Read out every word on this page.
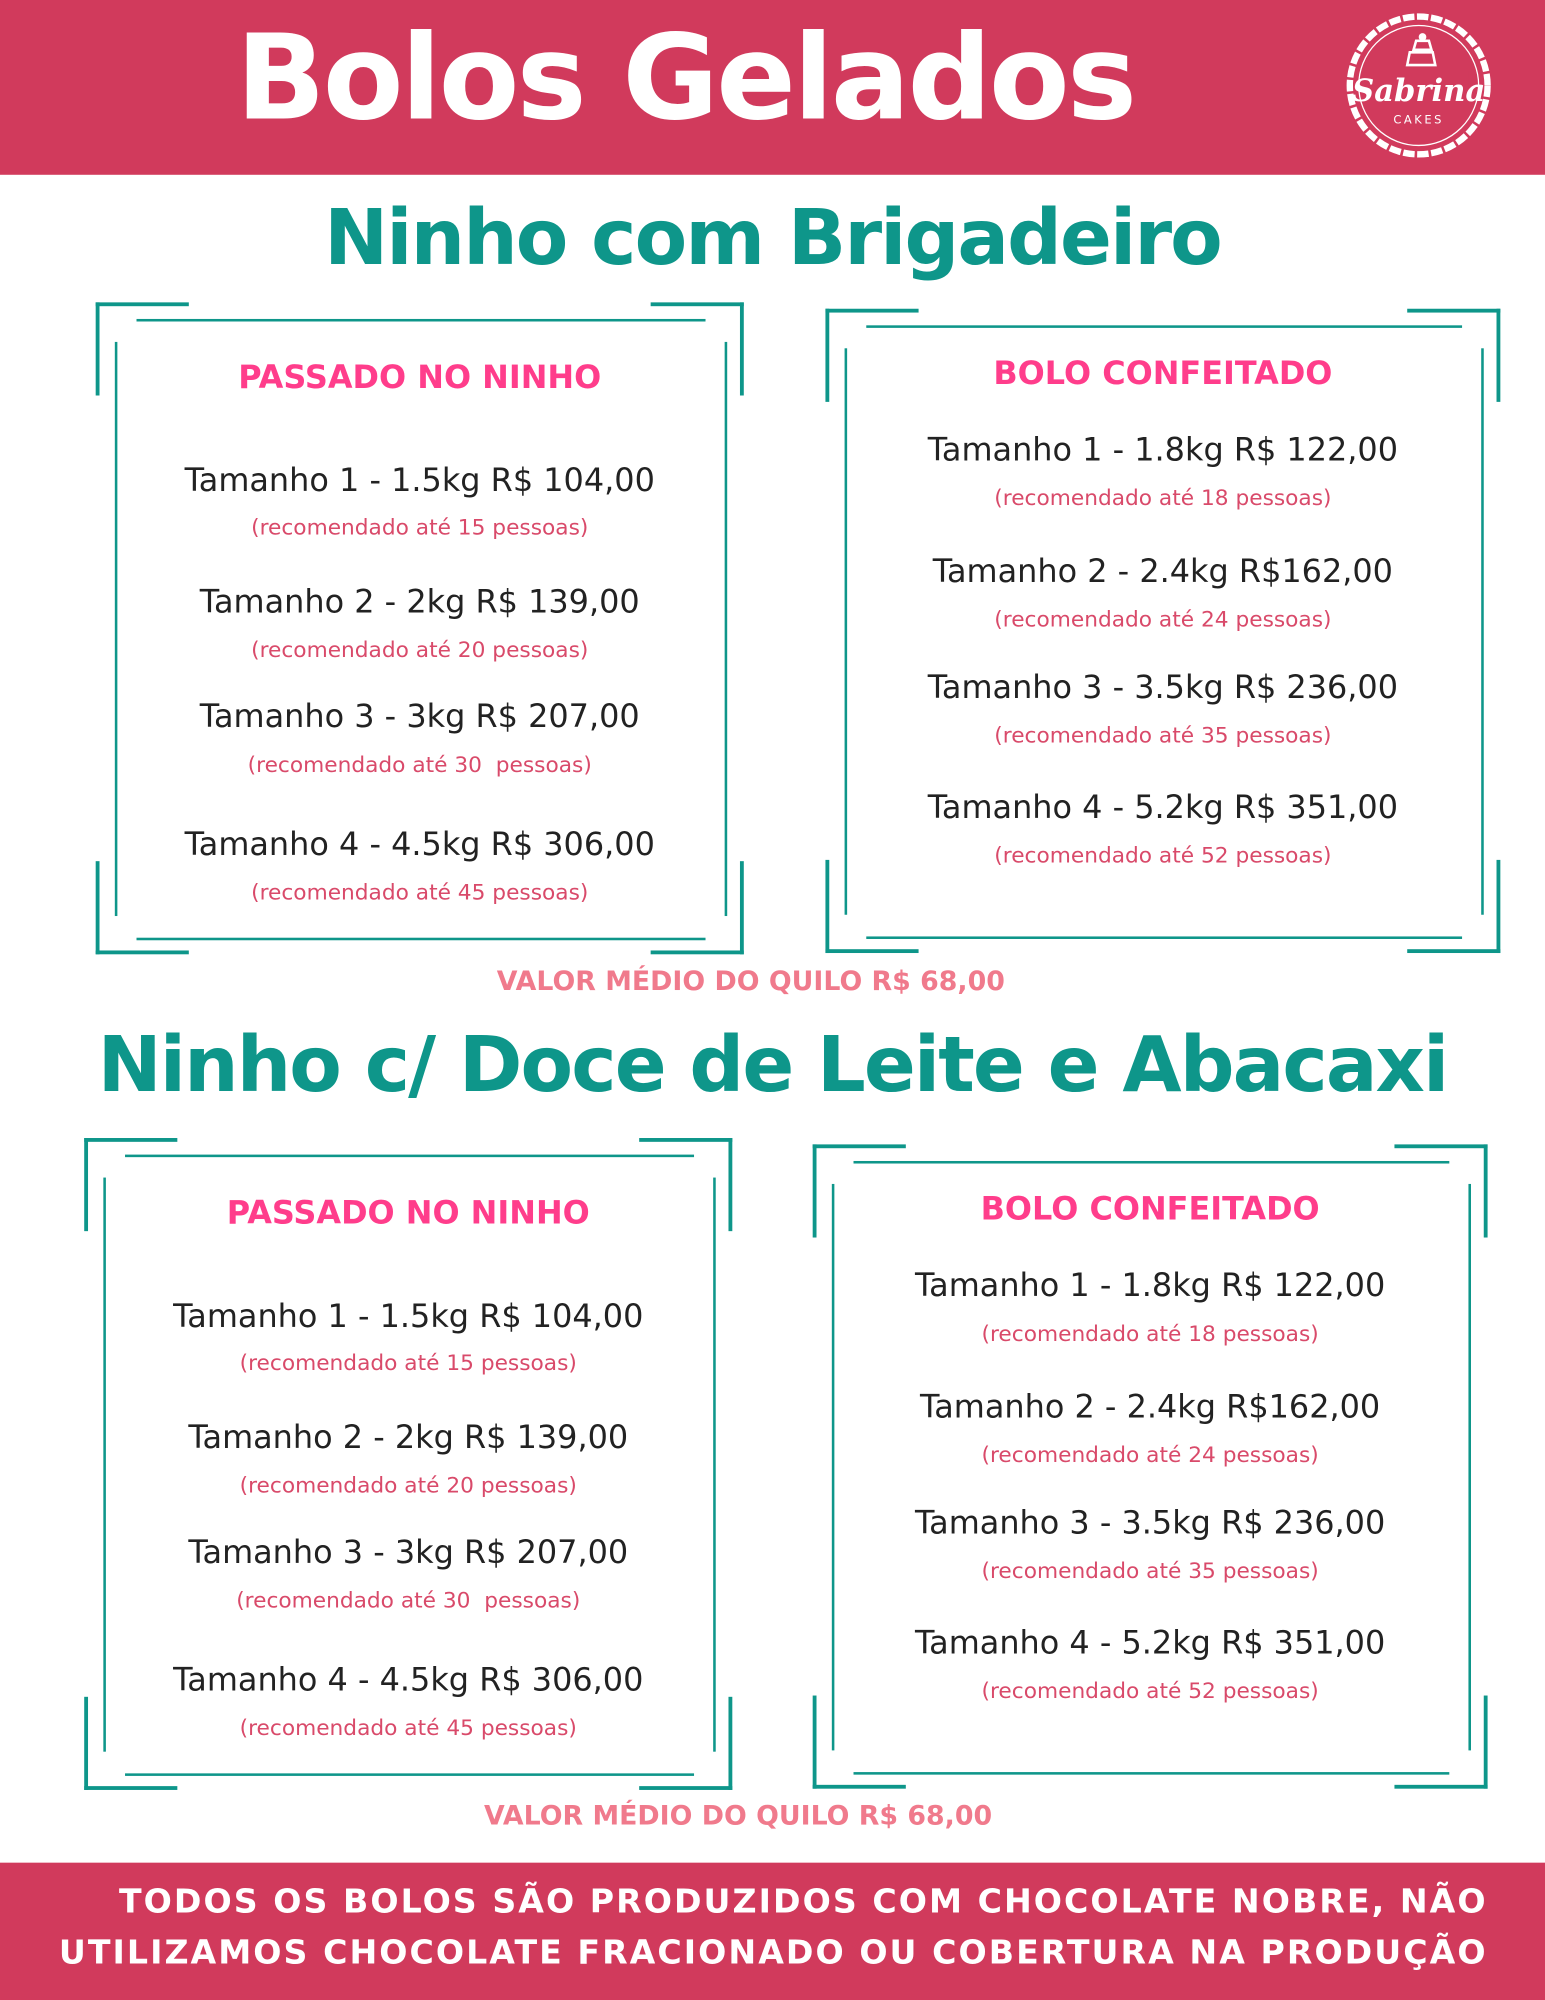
Bolos Gelados	Sabrina
CAKES
Ninho com Brigadeiro
PASSADO NO NINHO
Tamanho 1 - 1.5kg R$ 104,00
(recomendado até 15 pessoas)
Tamanho 2 - 2kg R$ 139,00
(recomendado até 20 pessoas)
Tamanho 3 - 3kg R$ 207,00
(recomendado até 30  pessoas)
Tamanho 4 - 4.5kg R$ 306,00
(recomendado até 45 pessoas)
BOLO CONFEITADO
Tamanho 1 - 1.8kg R$ 122,00
(recomendado até 18 pessoas)
Tamanho 2 - 2.4kg R$162,00
(recomendado até 24 pessoas)
Tamanho 3 - 3.5kg R$ 236,00
(recomendado até 35 pessoas)
Tamanho 4 - 5.2kg R$ 351,00
(recomendado até 52 pessoas)
VALOR MÉDIO DO QUILO R$ 68,00
Ninho c/ Doce de Leite e Abacaxi
PASSADO NO NINHO
Tamanho 1 - 1.5kg R$ 104,00
(recomendado até 15 pessoas)
Tamanho 2 - 2kg R$ 139,00
(recomendado até 20 pessoas)
Tamanho 3 - 3kg R$ 207,00
(recomendado até 30  pessoas)
Tamanho 4 - 4.5kg R$ 306,00
(recomendado até 45 pessoas)
BOLO CONFEITADO
Tamanho 1 - 1.8kg R$ 122,00
(recomendado até 18 pessoas)
Tamanho 2 - 2.4kg R$162,00
(recomendado até 24 pessoas)
Tamanho 3 - 3.5kg R$ 236,00
(recomendado até 35 pessoas)
Tamanho 4 - 5.2kg R$ 351,00
(recomendado até 52 pessoas)
VALOR MÉDIO DO QUILO R$ 68,00
TODOS OS BOLOS SÃO PRODUZIDOS COM CHOCOLATE NOBRE, NÃO
UTILIZAMOS CHOCOLATE FRACIONADO OU COBERTURA NA PRODUÇÃO
